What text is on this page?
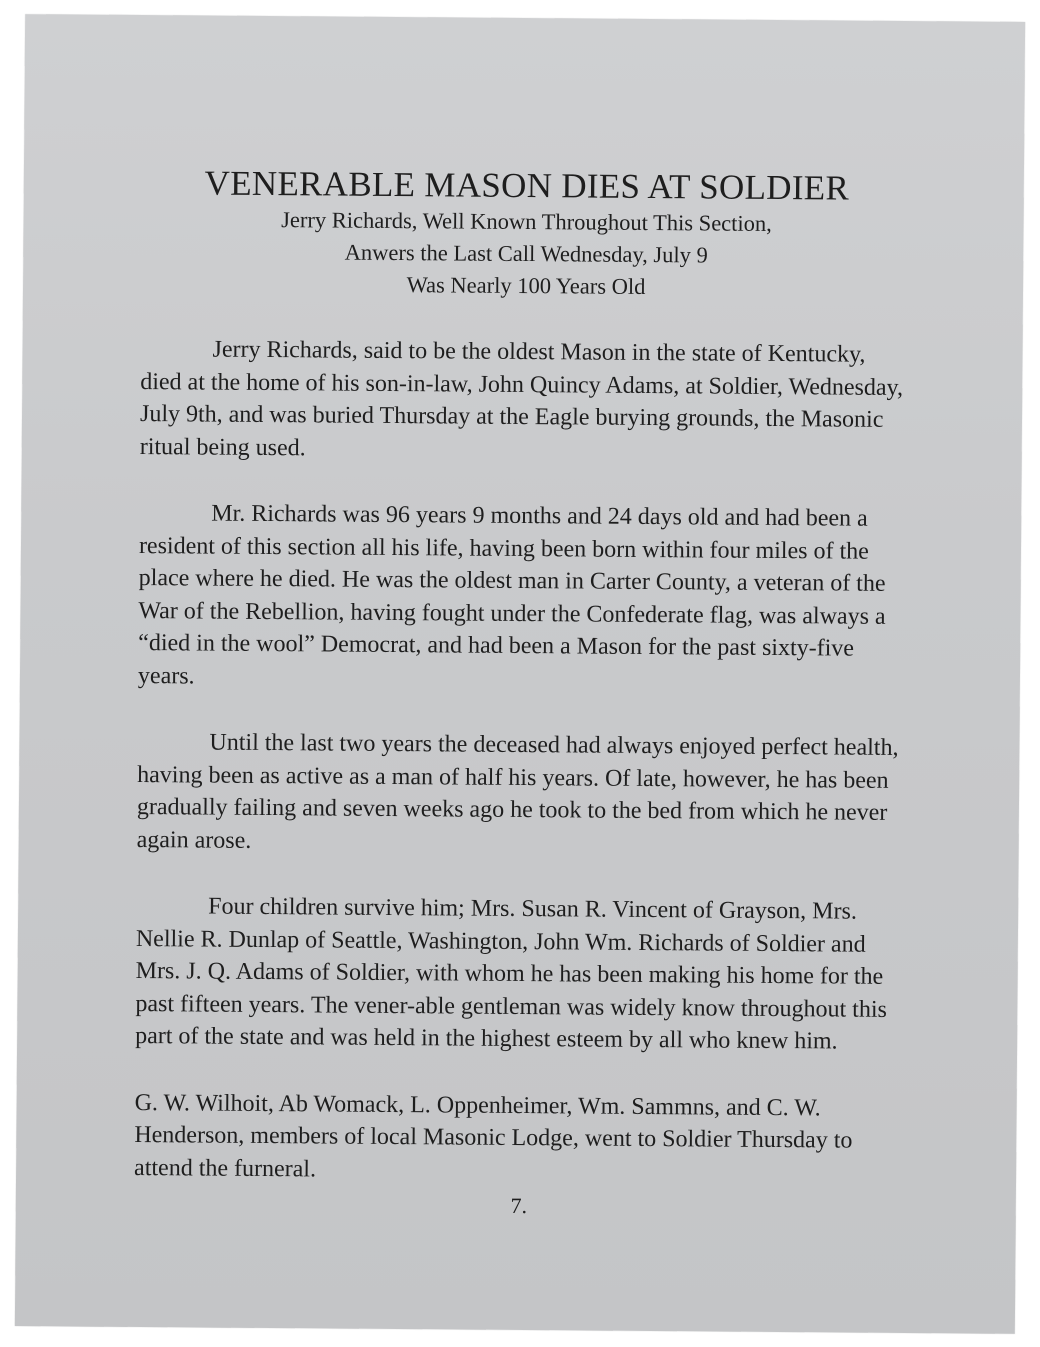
VENERABLE MASON DIES AT SOLDIER

Jerry Richards, Well Known Throughout This Section,

Anwers the Last Call Wednesday, July 9

Was Nearly 100 Years Old

Jerry Richards, said to be the oldest Mason in the state of Kentucky, died at the home of his son-in-law, John Quincy Adams, at Soldier, Wednesday, July 9th, and was buried Thursday at the Eagle burying grounds, the Masonic ritual being used.

Mr. Richards was 96 years 9 months and 24 days old and had been a resident of this section all his life, having been born within four miles of the place where he died. He was the oldest man in Carter County, a veteran of the War of the Rebellion, having fought under the Confederate flag, was always a “died in the wool” Democrat, and had been a Mason for the past sixty-five years.

Until the last two years the deceased had always enjoyed perfect health, having been as active as a man of half his years. Of late, however, he has been gradually failing and seven weeks ago he took to the bed from which he never again arose.

Four children survive him; Mrs. Susan R. Vincent of Grayson, Mrs. Nellie R. Dunlap of Seattle, Washington, John Wm. Richards of Soldier and Mrs. J. Q. Adams of Soldier, with whom he has been making his home for the past fifteen years. The vener-able gentleman was widely know throughout this part of the state and was held in the highest esteem by all who knew him.

G. W. Wilhoit, Ab Womack, L. Oppenheimer, Wm. Sammns, and C. W. Henderson, members of local Masonic Lodge, went to Soldier Thursday to attend the furneral.

7.
